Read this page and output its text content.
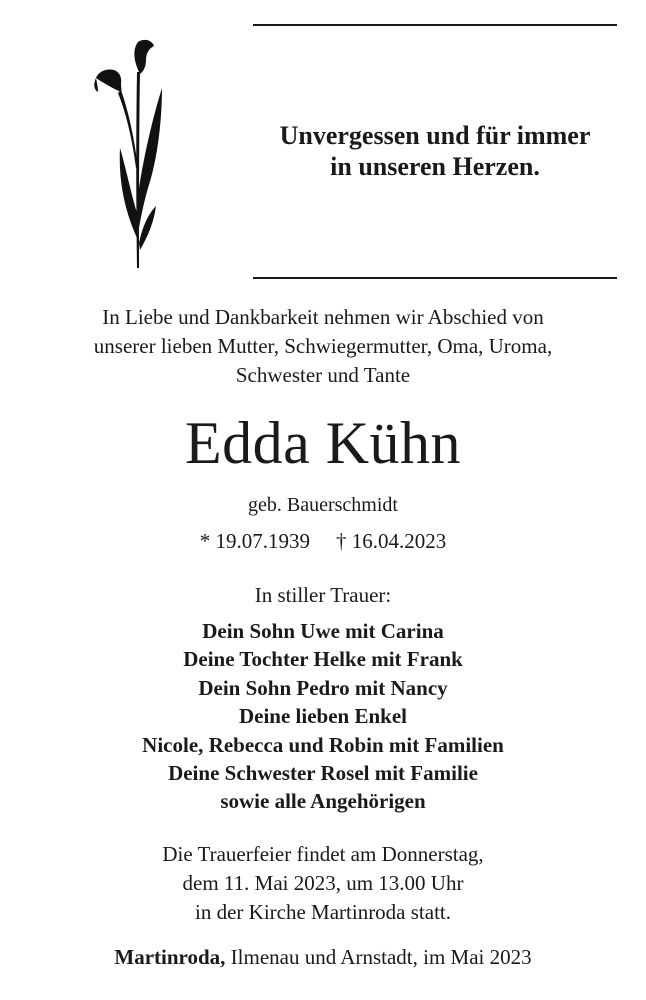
Unvergessen und für immer
in unseren Herzen.
In Liebe und Dankbarkeit nehmen wir Abschied von
unserer lieben Mutter, Schwiegermutter, Oma, Uroma,
Schwester und Tante
Edda Kühn
geb. Bauerschmidt
* 19.07.1939 † 16.04.2023
In stiller Trauer:
Dein Sohn Uwe mit Carina
Deine Tochter Helke mit Frank
Dein Sohn Pedro mit Nancy
Deine lieben Enkel
Nicole, Rebecca und Robin mit Familien
Deine Schwester Rosel mit Familie
sowie alle Angehörigen
Die Trauerfeier findet am Donnerstag,
dem 11. Mai 2023, um 13.00 Uhr
in der Kirche Martinroda statt.
Martinroda, Ilmenau und Arnstadt, im Mai 2023
